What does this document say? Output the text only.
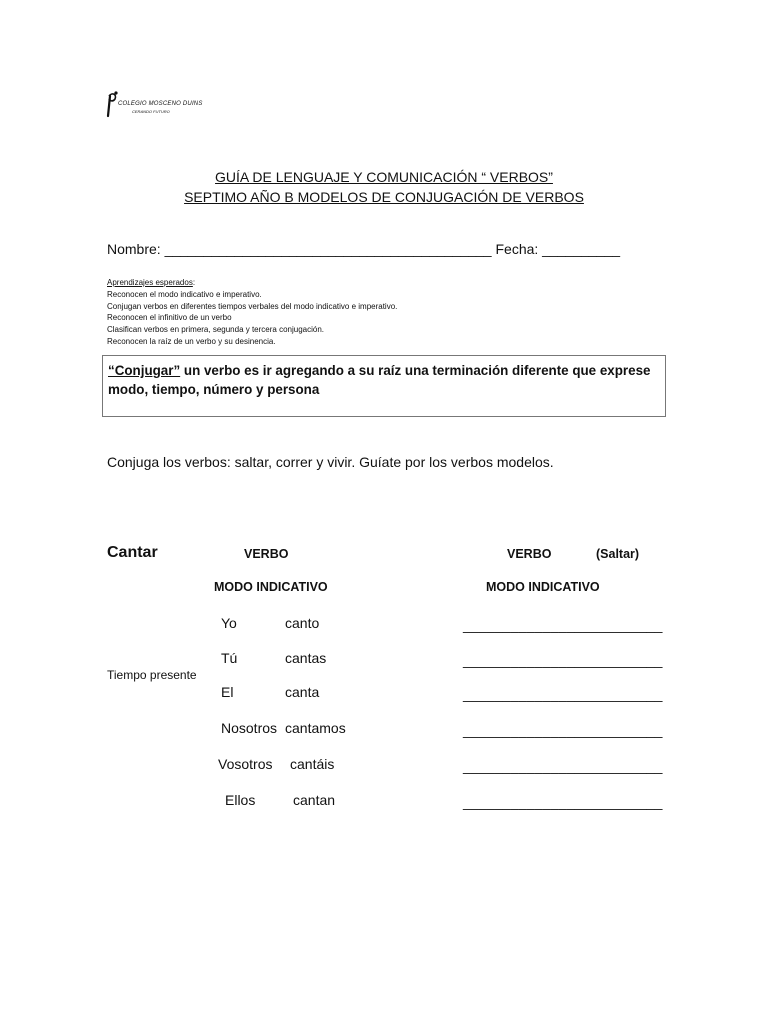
COLEGIO MOSCENO DUINS
CERANDO FUTURO
GUÍA DE LENGUAJE Y COMUNICACIÓN “ VERBOS”
SEPTIMO AÑO B MODELOS DE CONJUGACIÓN DE VERBOS
Nombre: __________________________________________ Fecha: __________
Aprendizajes esperados:
Reconocen el modo indicativo e imperativo.
Conjugan verbos en diferentes tiempos verbales del modo indicativo e imperativo.
Reconocen el infinitivo de un verbo
Clasifican verbos en primera, segunda y tercera conjugación.
Reconocen la raíz de un verbo y su desinencia.
“Conjugar” un verbo es ir agregando a su raíz una terminación diferente que exprese modo, tiempo, número y persona
Conjuga los verbos: saltar, correr y vivir. Guíate por los verbos modelos.
Cantar	VERBO	VERBO	(Saltar)
MODO INDICATIVO	MODO INDICATIVO
Tiempo presente
Yo	canto	_________________________
Tú	cantas	_________________________
El	canta	_________________________
Nosotros cantamos	_________________________
Vosotros cantáis	_________________________
Ellos	cantan	_________________________
